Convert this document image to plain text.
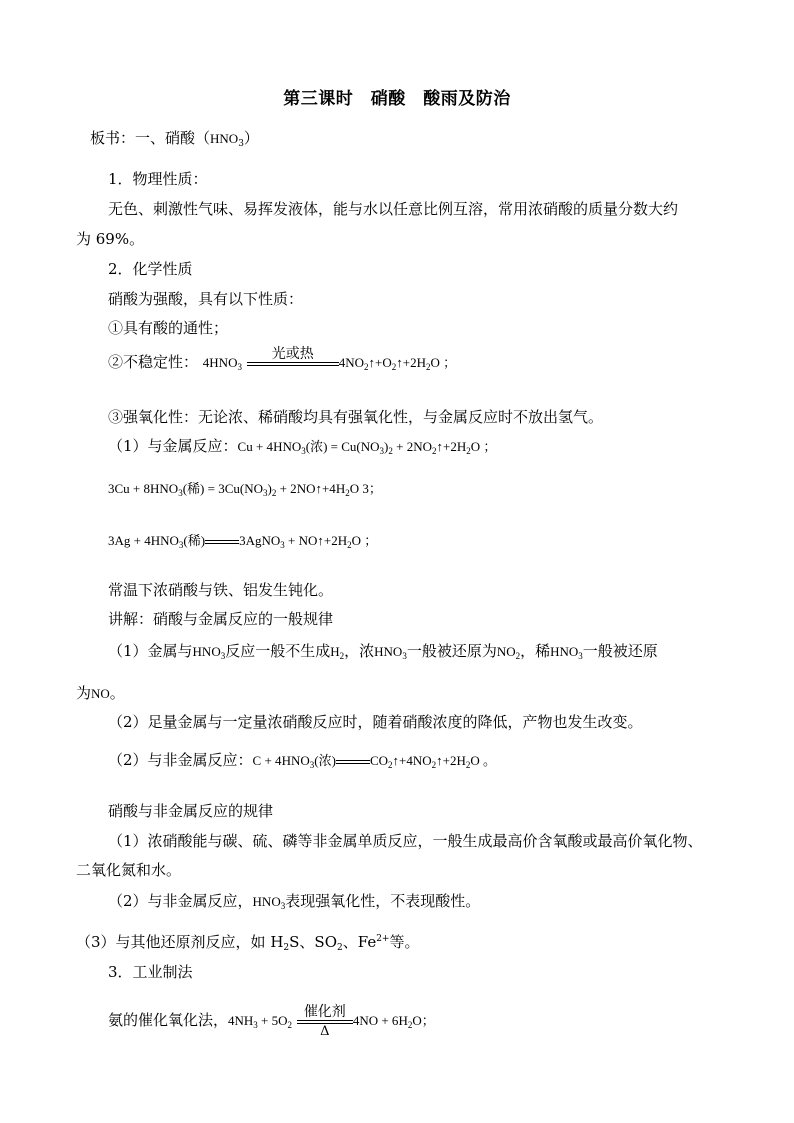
第三课时　硝酸　酸雨及防治
板书：一、硝酸$(HNO_3)$
1．物理性质：
无色、刺激性气味、易挥发液体，能与水以任意比例互溶，常用浓硝酸的质量分数大约
为 69%。
2．化学性质
硝酸为强酸，具有以下性质：
①具有酸的通性；
②不稳定性： $4HNO_3$
光或热
$4NO_2↑+O_2↑+2H_2O$ ；
③强氧化性：无论浓、稀硝酸均具有强氧化性，与金属反应时不放出氢气。
（1）与金属反应：$Cu + 4HNO_3$(浓) = $Cu(NO_3)_2$ + $2NO_2↑+2H_2O$ ；
$3Cu + 8HNO_3$(稀) = $3Cu(NO_3)_2$ + $2NO↑+4H_2O$ 3；
$3Ag + 4HNO_3$(稀)	3AgNO$_3$ + $NO↑+2H_2O$ ；
常温下浓硝酸与铁、铝发生钝化。
讲解：硝酸与金属反应的一般规律
（1）金属与$HNO_3$反应一般不生成$H_2$，浓$HNO_3$一般被还原为$NO_2$，稀$HNO_3$一般被还原
为NO。
（2）足量金属与一定量浓硝酸反应时，随着硝酸浓度的降低，产物也发生改变。
（2）与非金属反应：$C + 4HNO_3$(浓)	$CO_2↑+4NO_2↑+2H_2O$ 。
硝酸与非金属反应的规律
（1）浓硝酸能与碳、硫、磷等非金属单质反应，一般生成最高价含氧酸或最高价氧化物、
二氧化氮和水。
（2）与非金属反应，$HNO_3$表现强氧化性，不表现酸性。
（3）与其他还原剂反应，如 $H_2S$、$SO_2$、$Fe^{2+}$等。
3．工业制法
氨的催化氧化法，$4NH_3 + 5O_2$
催化剂
Δ
$4NO + 6H_2O$；
